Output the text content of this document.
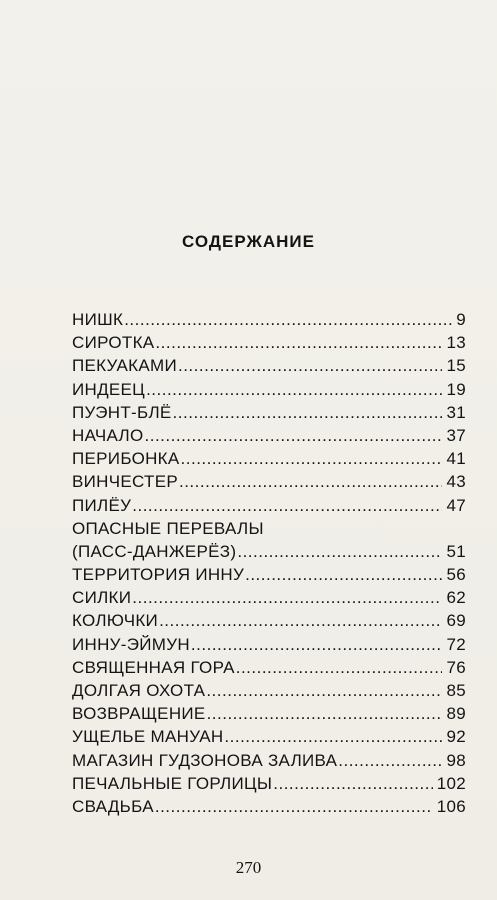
СОДЕРЖАНИЕ
НИШК .....	9
СИРОТКА .....	13
ПЕКУАКАМИ .....	15
ИНДЕЕЦ .....	19
ПУЭНТ-БЛЁ .....	31
НАЧАЛО .....	37
ПЕРИБОНКА .....	41
ВИНЧЕСТЕР .....	43
ПИЛЁУ .....	47
ОПАСНЫЕ ПЕРЕВАЛЫ
(ПАСС-ДАНЖЕРЁЗ) .....	51
ТЕРРИТОРИЯ ИННУ .....	56
СИЛКИ .....	62
КОЛЮЧКИ .....	69
ИННУ-ЭЙМУН .....	72
СВЯЩЕННАЯ ГОРА .....	76
ДОЛГАЯ ОХОТА .....	85
ВОЗВРАЩЕНИЕ .....	89
УЩЕЛЬЕ МАНУАН .....	92
МАГАЗИН ГУДЗОНОВА ЗАЛИВА .....	98
ПЕЧАЛЬНЫЕ ГОРЛИЦЫ .....	102
СВАДЬБА .....	106
270
